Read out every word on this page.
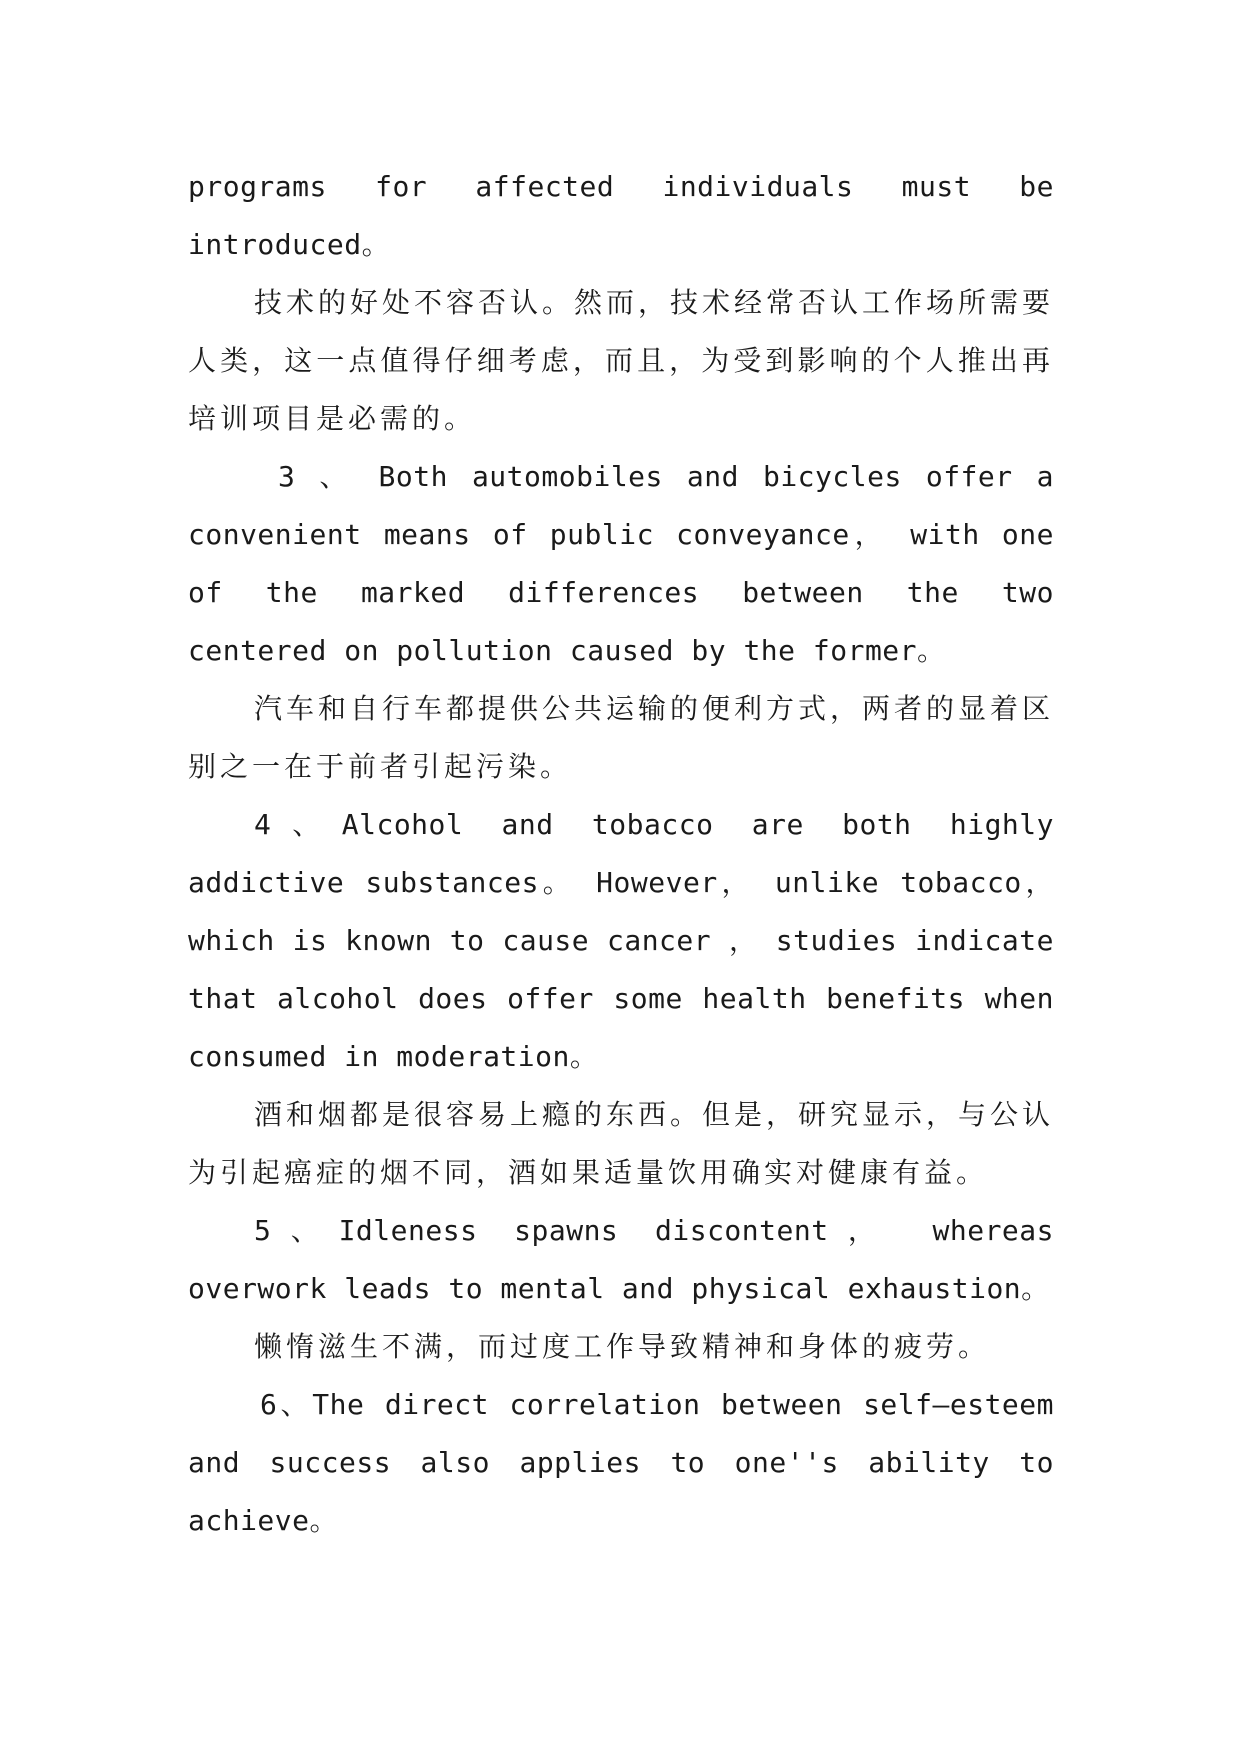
programs for affected individuals must be introduced。

技术的好处不容否认。然而，技术经常否认工作场所需要人类，这一点值得仔细考虑，而且，为受到影响的个人推出再培训项目是必需的。

3 、 Both automobiles and bicycles offer a convenient means of public conveyance， with one of the marked differences between the two centered on pollution caused by the former。

汽车和自行车都提供公共运输的便利方式，两者的显着区别之一在于前者引起污染。

4、Alcohol and tobacco are both highly addictive substances。 However， unlike tobacco， which is known to cause cancer ， studies indicate that alcohol does offer some health benefits when consumed in moderation。

酒和烟都是很容易上瘾的东西。但是，研究显示，与公认为引起癌症的烟不同，酒如果适量饮用确实对健康有益。

5、Idleness spawns discontent， whereas overwork leads to mental and physical exhaustion。

懒惰滋生不满，而过度工作导致精神和身体的疲劳。

6、The direct correlation between self—esteem and success also applies to one''s ability to achieve。
